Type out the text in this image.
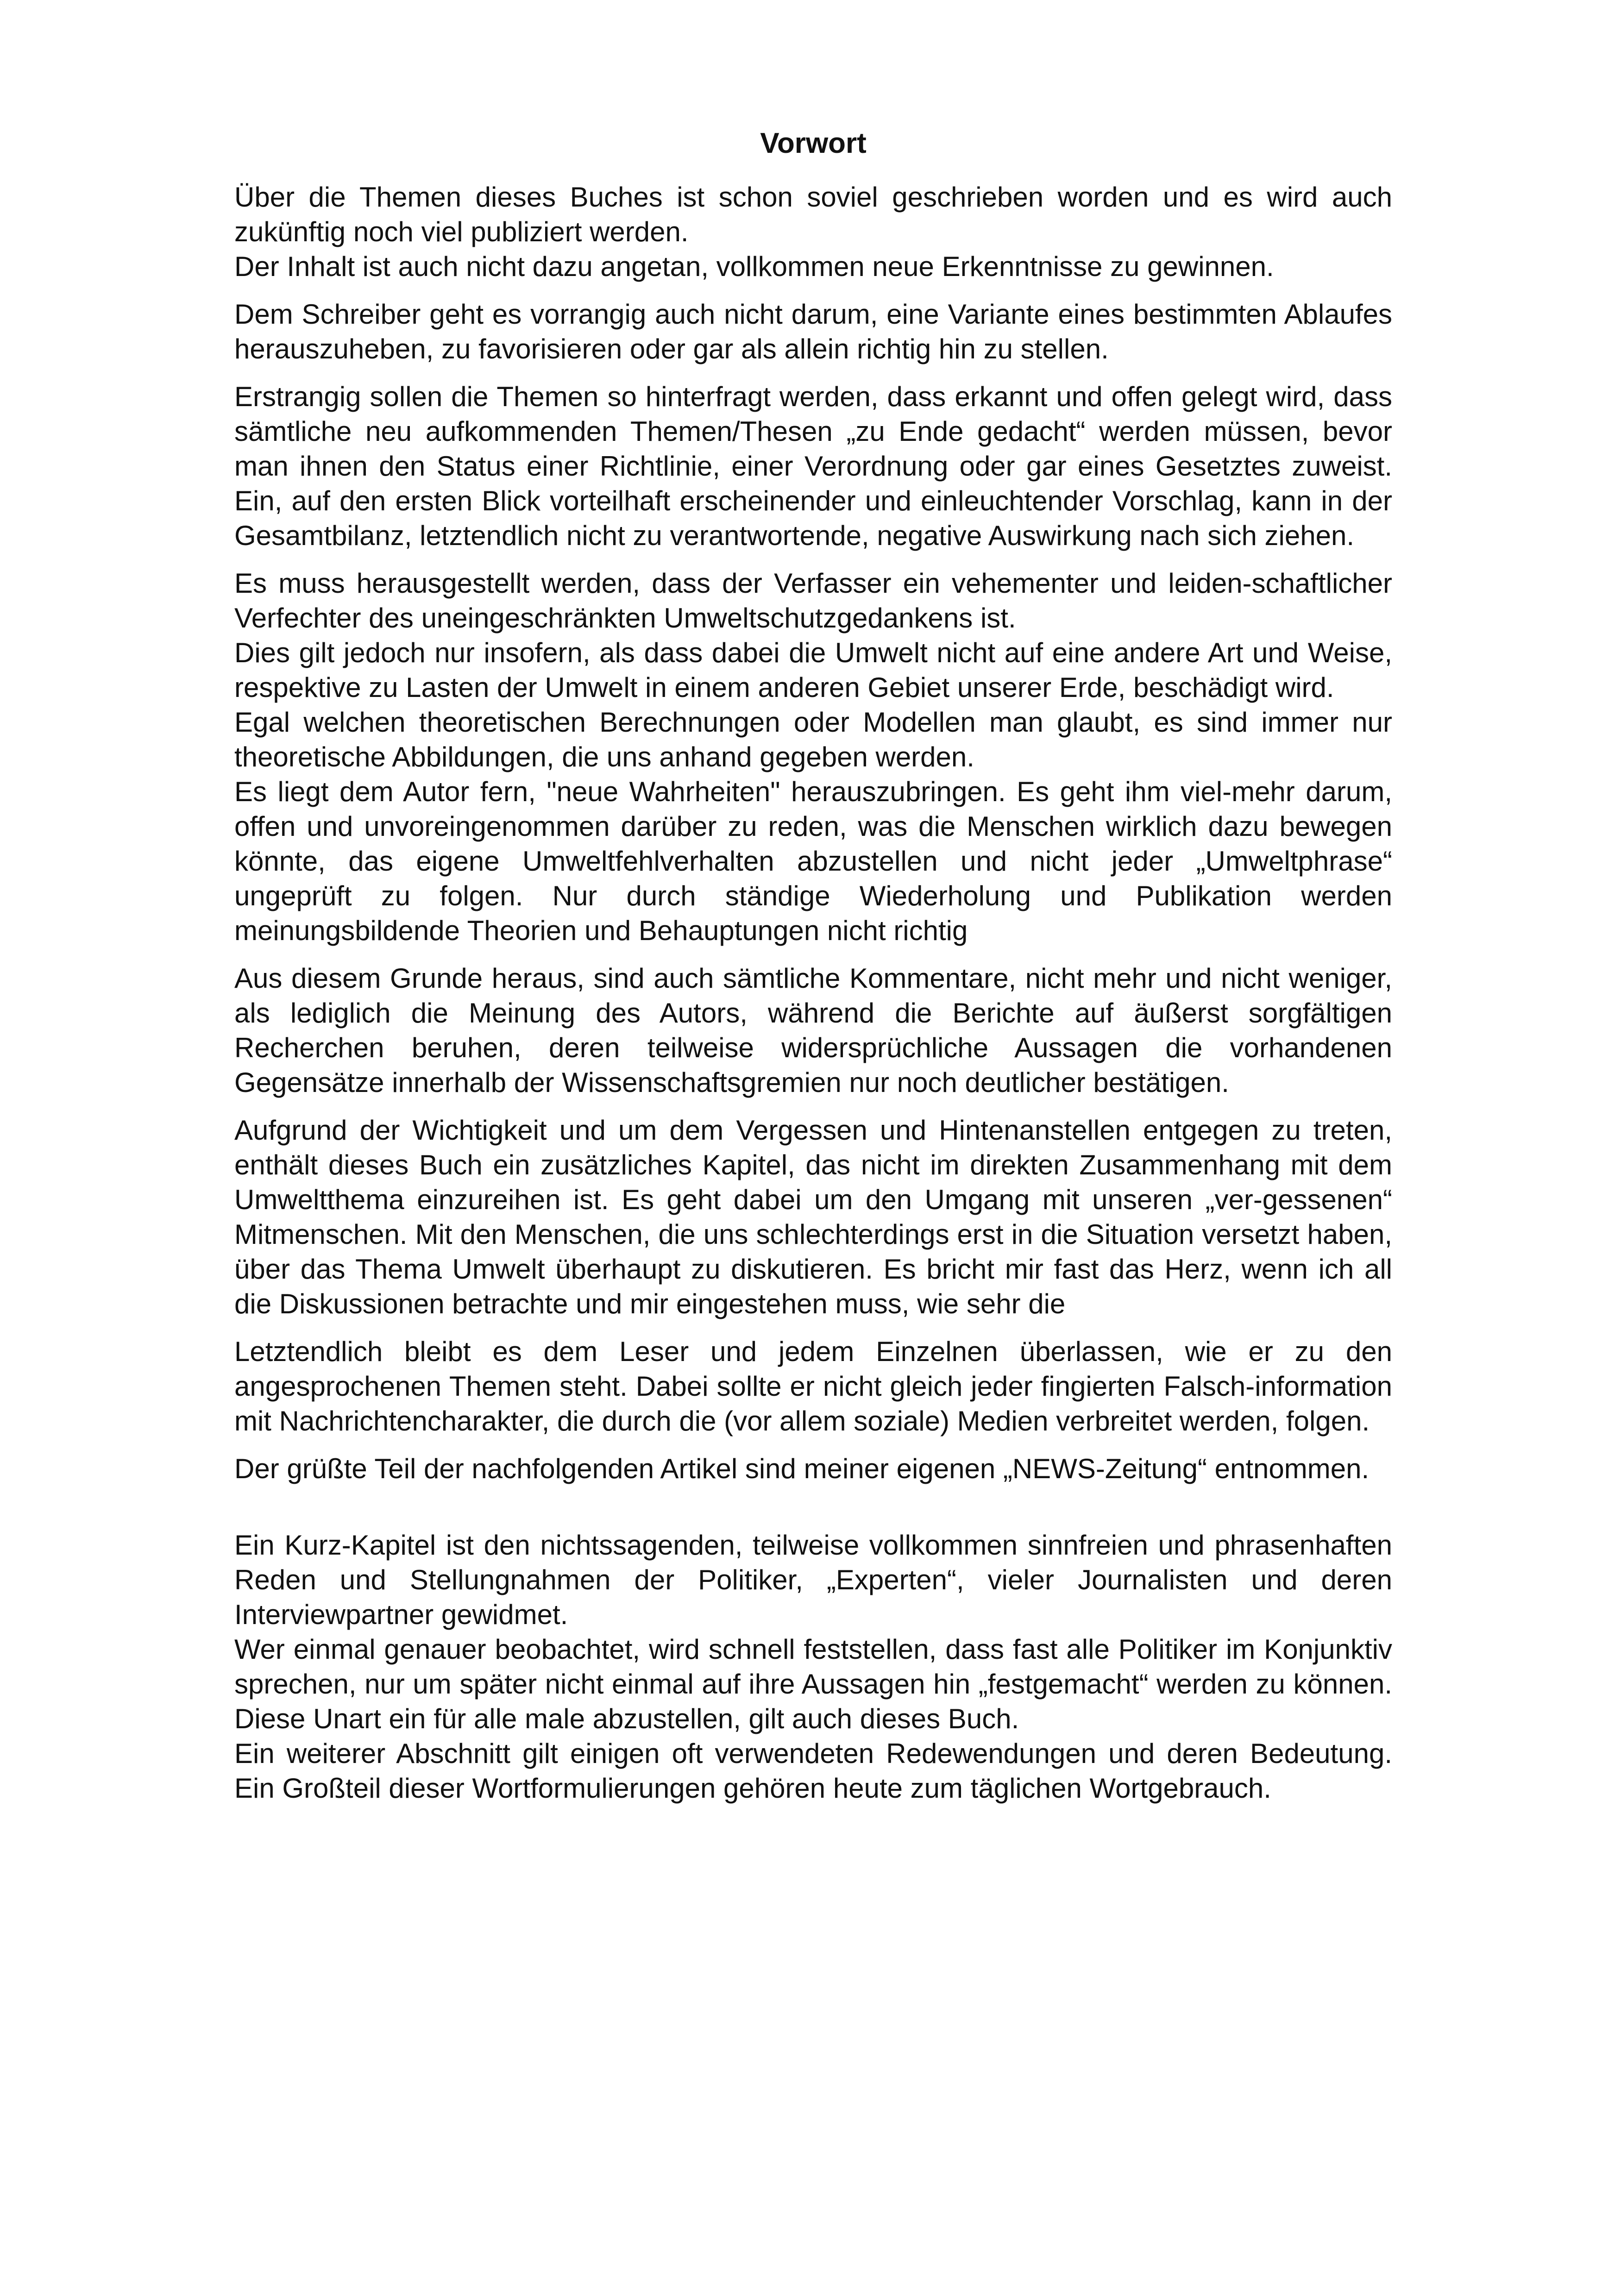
Vorwort
Über die Themen dieses Buches ist schon soviel geschrieben worden und es wird auch zukünftig noch viel publiziert werden.
Der Inhalt ist auch nicht dazu angetan, vollkommen neue Erkenntnisse zu gewinnen.
Dem Schreiber geht es vorrangig auch nicht darum, eine Variante eines bestimmten Ablaufes herauszuheben, zu favorisieren oder gar als allein richtig hin zu stellen.
Erstrangig sollen die Themen so hinterfragt werden, dass erkannt und offen gelegt wird, dass sämtliche neu aufkommenden Themen/Thesen „zu Ende gedacht“ werden müssen, bevor man ihnen den Status einer Richtlinie, einer Verordnung oder gar eines Gesetztes zuweist. Ein, auf den ersten Blick vorteilhaft erscheinender und einleuchtender Vorschlag, kann in der Gesamtbilanz, letztendlich nicht zu verantwortende, negative Auswirkung nach sich ziehen.
Es muss herausgestellt werden, dass der Verfasser ein vehementer und leiden-schaftlicher Verfechter des uneingeschränkten Umweltschutzgedankens ist.
Dies gilt jedoch nur insofern, als dass dabei die Umwelt nicht auf eine andere Art und Weise, respektive zu Lasten der Umwelt in einem anderen Gebiet unserer Erde, beschädigt wird.
Egal welchen theoretischen Berechnungen oder Modellen man glaubt, es sind immer nur theoretische Abbildungen, die uns anhand gegeben werden.
Es liegt dem Autor fern, "neue Wahrheiten" herauszubringen. Es geht ihm viel-mehr darum, offen und unvoreingenommen darüber zu reden, was die Menschen wirklich dazu bewegen könnte, das eigene Umweltfehlverhalten abzustellen und nicht jeder „Umweltphrase“ ungeprüft zu folgen. Nur durch ständige Wiederholung und Publikation werden meinungsbildende Theorien und Behauptungen nicht richtig
Aus diesem Grunde heraus, sind auch sämtliche Kommentare, nicht mehr und nicht weniger, als lediglich die Meinung des Autors, während die Berichte auf äußerst sorgfältigen Recherchen beruhen, deren teilweise widersprüchliche Aussagen die vorhandenen Gegensätze innerhalb der Wissenschaftsgremien nur noch deutlicher bestätigen.
Aufgrund der Wichtigkeit und um dem Vergessen und Hintenanstellen entgegen zu treten, enthält dieses Buch ein zusätzliches Kapitel, das nicht im direkten Zusammenhang mit dem Umweltthema einzureihen ist. Es geht dabei um den Umgang mit unseren „ver-gessenen“ Mitmenschen. Mit den Menschen, die uns schlechterdings erst in die Situation versetzt haben, über das Thema Umwelt überhaupt zu diskutieren. Es bricht mir fast das Herz, wenn ich all die Diskussionen betrachte und mir eingestehen muss, wie sehr die
Letztendlich bleibt es dem Leser und jedem Einzelnen überlassen, wie er zu den angesprochenen Themen steht. Dabei sollte er nicht gleich jeder fingierten Falsch-information mit Nachrichtencharakter, die durch die (vor allem soziale) Medien verbreitet werden, folgen.
Der grüßte Teil der nachfolgenden Artikel sind meiner eigenen „NEWS-Zeitung“ entnommen.
Ein Kurz-Kapitel ist den nichtssagenden, teilweise vollkommen sinnfreien und phrasenhaften Reden und Stellungnahmen der Politiker, „Experten“, vieler Journalisten und deren Interviewpartner gewidmet.
Wer einmal genauer beobachtet, wird schnell feststellen, dass fast alle Politiker im Konjunktiv sprechen, nur um später nicht einmal auf ihre Aussagen hin „festgemacht“ werden zu können. Diese Unart ein für alle male abzustellen, gilt auch dieses Buch.
Ein weiterer Abschnitt gilt einigen oft verwendeten Redewendungen und deren Bedeutung. Ein Großteil dieser Wortformulierungen gehören heute zum täglichen Wortgebrauch.
